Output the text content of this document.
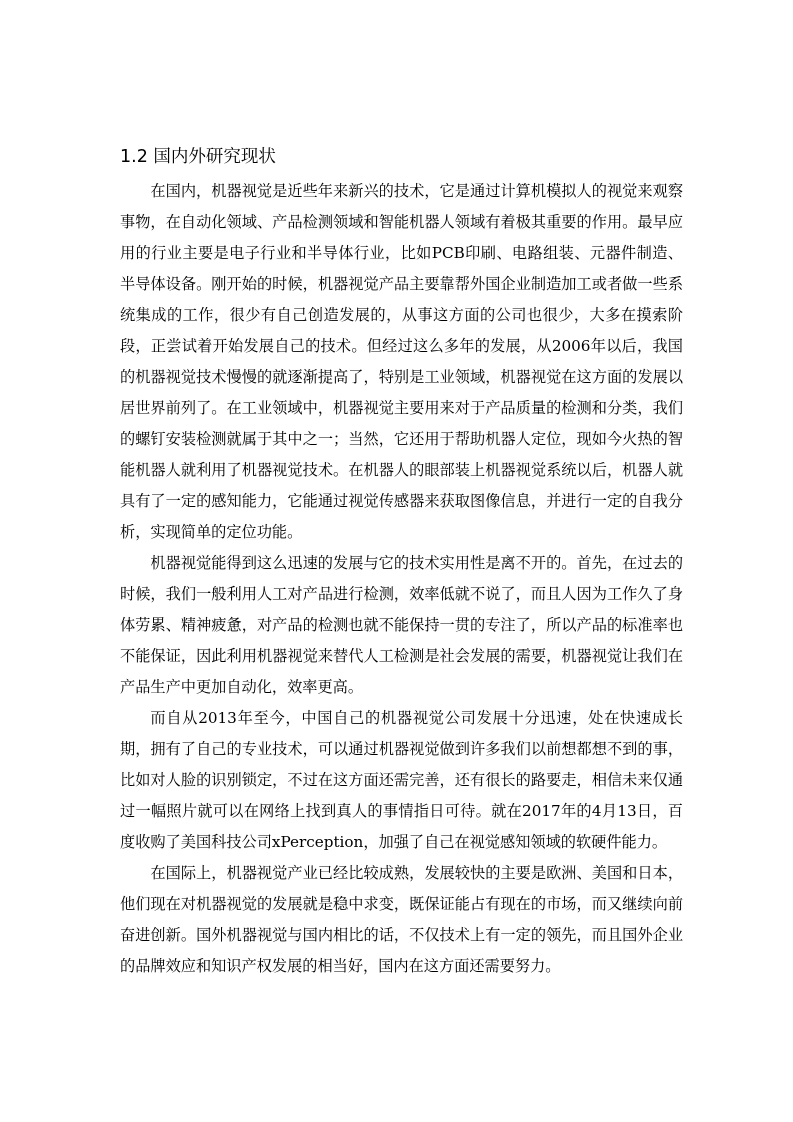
1.2 国内外研究现状

在国内，机器视觉是近些年来新兴的技术，它是通过计算机模拟人的视觉来观察事物，在自动化领域、产品检测领域和智能机器人领域有着极其重要的作用。最早应用的行业主要是电子行业和半导体行业，比如PCB印刷、电路组装、元器件制造、半导体设备。刚开始的时候，机器视觉产品主要靠帮外国企业制造加工或者做一些系统集成的工作，很少有自己创造发展的，从事这方面的公司也很少，大多在摸索阶段，正尝试着开始发展自己的技术。但经过这么多年的发展，从2006年以后，我国的机器视觉技术慢慢的就逐渐提高了，特别是工业领域，机器视觉在这方面的发展以居世界前列了。在工业领域中，机器视觉主要用来对于产品质量的检测和分类，我们的螺钉安装检测就属于其中之一；当然，它还用于帮助机器人定位，现如今火热的智能机器人就利用了机器视觉技术。在机器人的眼部装上机器视觉系统以后，机器人就具有了一定的感知能力，它能通过视觉传感器来获取图像信息，并进行一定的自我分析，实现简单的定位功能。

机器视觉能得到这么迅速的发展与它的技术实用性是离不开的。首先，在过去的时候，我们一般利用人工对产品进行检测，效率低就不说了，而且人因为工作久了身体劳累、精神疲惫，对产品的检测也就不能保持一贯的专注了，所以产品的标准率也不能保证，因此利用机器视觉来替代人工检测是社会发展的需要，机器视觉让我们在产品生产中更加自动化，效率更高。

而自从2013年至今，中国自己的机器视觉公司发展十分迅速，处在快速成长期，拥有了自己的专业技术，可以通过机器视觉做到许多我们以前想都想不到的事，比如对人脸的识别锁定，不过在这方面还需完善，还有很长的路要走，相信未来仅通过一幅照片就可以在网络上找到真人的事情指日可待。就在2017年的4月13日，百度收购了美国科技公司xPerception，加强了自己在视觉感知领域的软硬件能力。

在国际上，机器视觉产业已经比较成熟，发展较快的主要是欧洲、美国和日本，他们现在对机器视觉的发展就是稳中求变，既保证能占有现在的市场，而又继续向前奋进创新。国外机器视觉与国内相比的话，不仅技术上有一定的领先，而且国外企业的品牌效应和知识产权发展的相当好，国内在这方面还需要努力。
